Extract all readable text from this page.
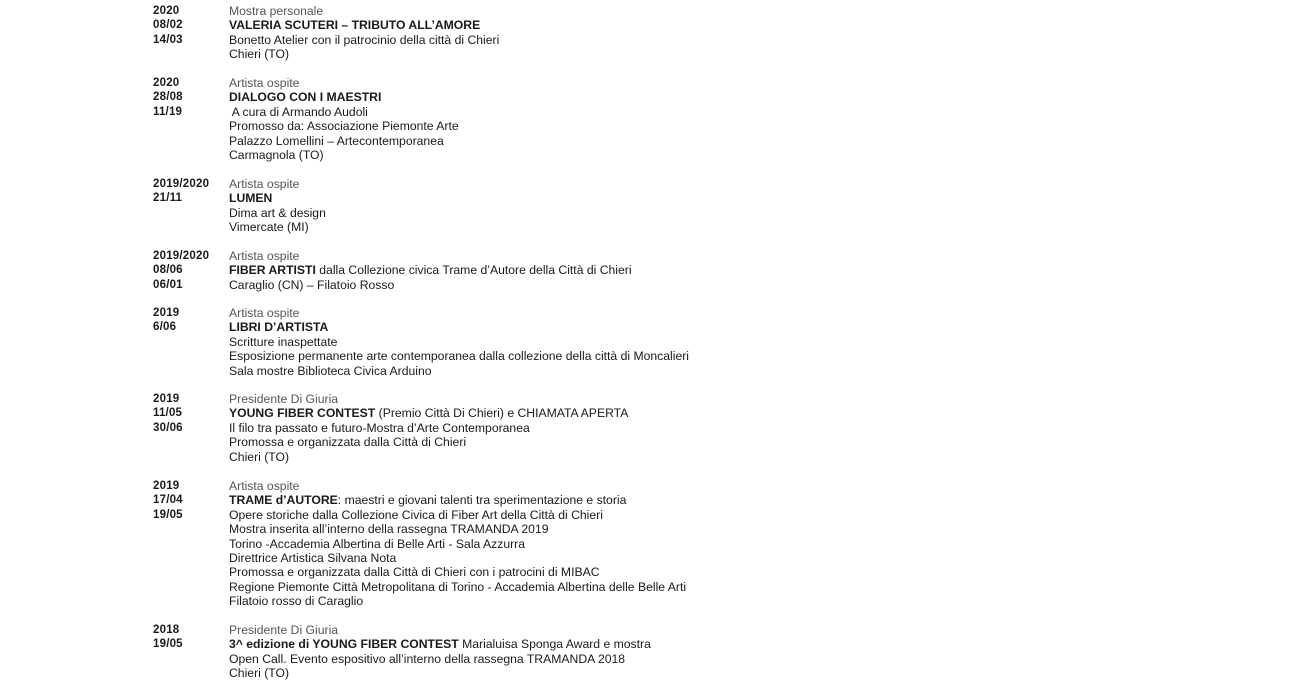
2020
08/02
14/03
Mostra personale
VALERIA SCUTERI – TRIBUTO ALL’AMORE
Bonetto Atelier con il patrocinio della città di Chieri
Chieri (TO)
2020
28/08
11/19
Artista ospite
DIALOGO CON I MAESTRI
A cura di Armando Audoli
Promosso da: Associazione Piemonte Arte
Palazzo Lomellini – Artecontemporanea
Carmagnola (TO)
2019/2020
21/11
Artista ospite
LUMEN
Dima art & design
Vimercate (MI)
2019/2020
08/06
06/01
Artista ospite
FIBER ARTISTI dalla Collezione civica Trame d’Autore della Città di Chieri
Caraglio (CN) – Filatoio Rosso
2019
6/06
Artista ospite
LIBRI D’ARTISTA
Scritture inaspettate
Esposizione permanente arte contemporanea dalla collezione della città di Moncalieri
Sala mostre Biblioteca Civica Arduino
2019
11/05
30/06
Presidente Di Giuria
YOUNG FIBER CONTEST (Premio Città Di Chieri) e CHIAMATA APERTA
Il filo tra passato e futuro-Mostra d’Arte Contemporanea
Promossa e organizzata dalla Città di Chieri
Chieri (TO)
2019
17/04
19/05
Artista ospite
TRAME d’AUTORE: maestri e giovani talenti tra sperimentazione e storia
Opere storiche dalla Collezione Civica di Fiber Art della Città di Chieri
Mostra inserita all’interno della rassegna TRAMANDA 2019
Torino -Accademia Albertina di Belle Arti - Sala Azzurra
Direttrice Artistica Silvana Nota
Promossa e organizzata dalla Città di Chieri con i patrocini di MIBAC
Regione Piemonte Città Metropolitana di Torino - Accademia Albertina delle Belle Arti
Filatoio rosso di Caraglio
2018
19/05
Presidente Di Giuria
3^ edizione di YOUNG FIBER CONTEST Marialuisa Sponga Award e mostra
Open Call. Evento espositivo all’interno della rassegna TRAMANDA 2018
Chieri (TO)
